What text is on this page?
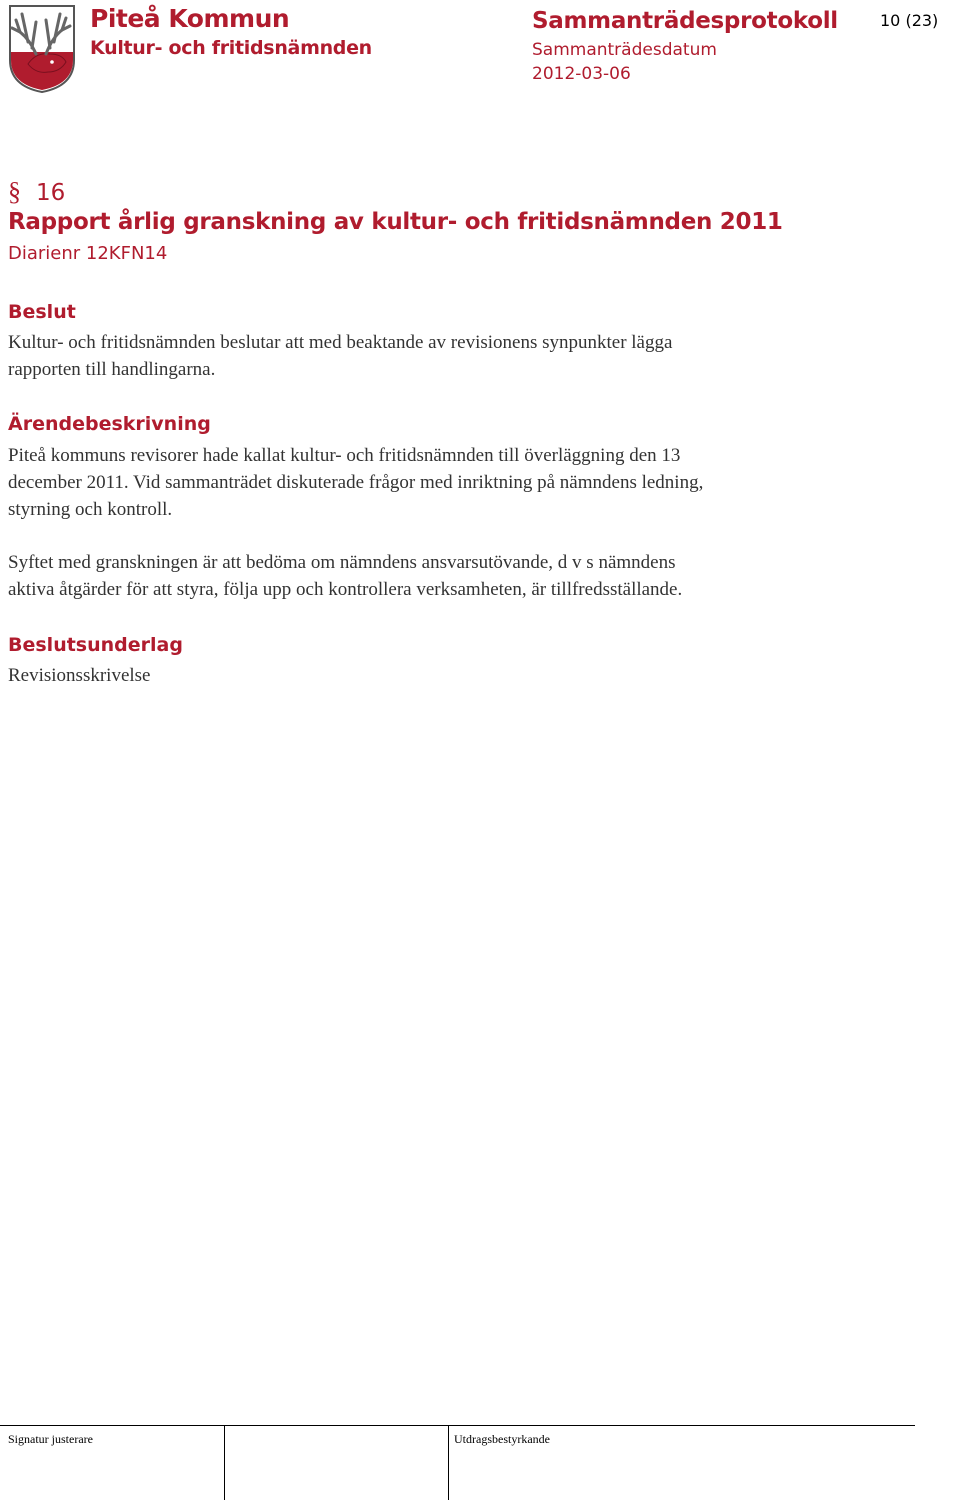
Piteå Kommun
Kultur- och fritidsnämnden
Sammanträdesprotokoll
Sammanträdesdatum
2012-03-06
10 (23)
§ 16
Rapport årlig granskning av kultur- och fritidsnämnden 2011
Diarienr 12KFN14
Beslut

Kultur- och fritidsnämnden beslutar att med beaktande av revisionens synpunkter lägga
rapporten till handlingarna.

Ärendebeskrivning

Piteå kommuns revisorer hade kallat kultur- och fritidsnämnden till överläggning den 13
december 2011. Vid sammanträdet diskuterade frågor med inriktning på nämndens ledning,
styrning och kontroll.

Syftet med granskningen är att bedöma om nämndens ansvarsutövande, d v s nämndens
aktiva åtgärder för att styra, följa upp och kontrollera verksamheten, är tillfredsställande.

Beslutsunderlag

Revisionsskrivelse

Signatur justerare	Utdragsbestyrkande
